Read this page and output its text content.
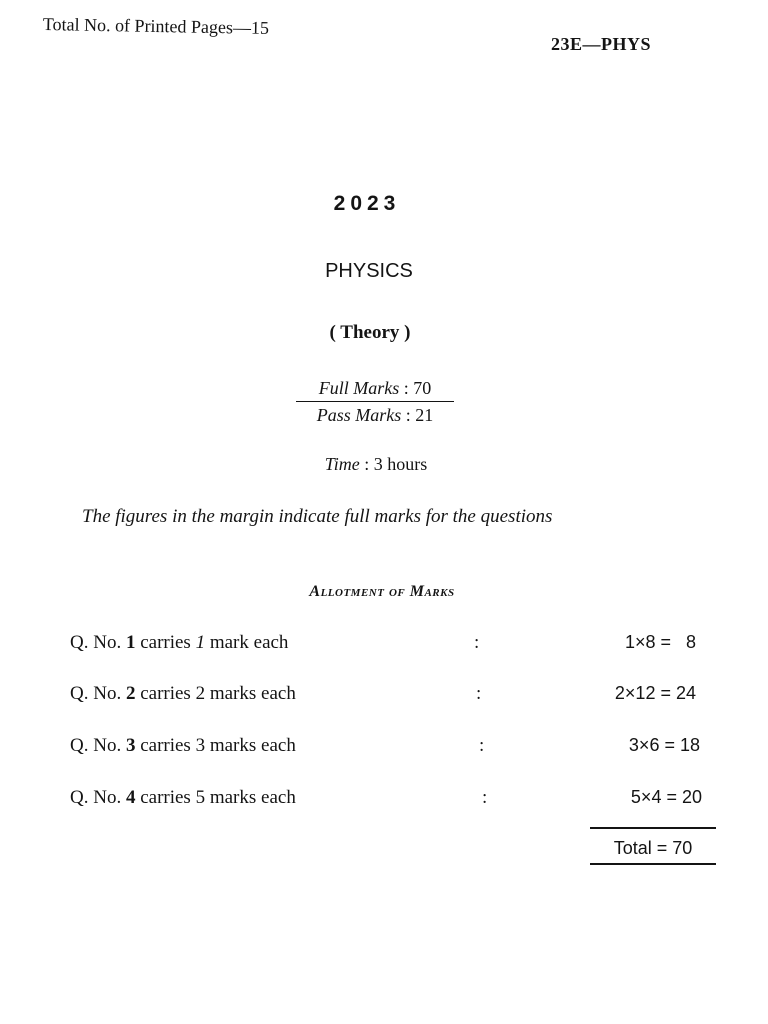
Total No. of Printed Pages—15
23E—PHYS
2023
PHYSICS
( Theory )
Full Marks : 70
Pass Marks : 21
Time : 3 hours
The figures in the margin indicate full marks for the questions
Allotment of Marks
Q. No. 1 carries 1 mark each	:	1×8 =   8
Q. No. 2 carries 2 marks each	:	2×12 = 24
Q. No. 3 carries 3 marks each	:	3×6 = 18
Q. No. 4 carries 5 marks each	:	5×4 = 20
Total = 70
